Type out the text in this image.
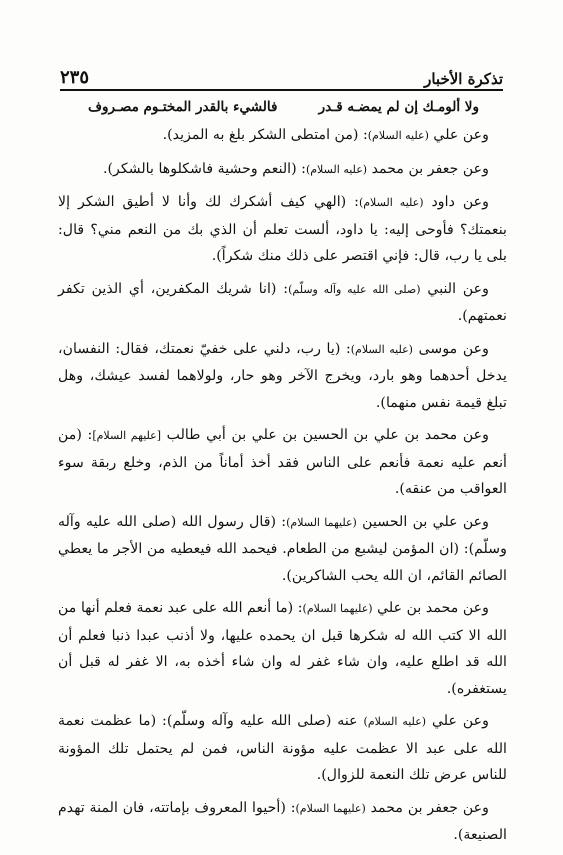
٢٣٥	تذكرة الأخبار
ولا ألومـك إن لم يمضـه قـدر
فالشيء بالقدر المختـوم مصـروف

وعن علي (عليه السلام): (من امتطى الشكر بلغ به المزيد).

وعن جعفر بن محمد (عليه السلام): (النعم وحشية فاشكلوها بالشكر).

وعن داود (عليه السلام): (الهي كيف أشكرك لك وأنا لا أطيق الشكر إلا بنعمتك؟ فأوحى إليه: يا داود، ألست تعلم أن الذي بك من النعم مني؟ قال: بلى يا رب، قال: فإني اقتصر على ذلك منك شكراً).

وعن النبي (صلى الله عليه وآله وسلّم): (انا شريك المكفرين، أي الذين تكفر نعمتهم).

وعن موسى (عليه السلام): (يا رب، دلني على خفيّ نعمتك، فقال: النفسان، يدخل أحدهما وهو بارد، ويخرج الآخر وهو حار، ولولاهما لفسد عيشك، وهل تبلغ قيمة نفس منهما).

وعن محمد بن علي بن الحسين بن علي بن أبي طالب [عليهم السلام]: (من أنعم عليه نعمة فأنعم على الناس فقد أخذ أماناً من الذم، وخلع ربقة سوء العواقب من عنقه).

وعن علي بن الحسين (عليهما السلام): (قال رسول الله (صلى الله عليه وآله وسلّم): (ان المؤمن ليشبع من الطعام. فيحمد الله فيعطيه من الأجر ما يعطي الصائم القائم، ان الله يحب الشاكرين).

وعن محمد بن علي (عليهما السلام): (ما أنعم الله على عبد نعمة فعلم أنها من الله الا كتب الله له شكرها قبل ان يحمده عليها، ولا أذنب عبدا ذنبا فعلم أن الله قد اطلع عليه، وان شاء غفر له وان شاء أخذه به، الا غفر له قبل أن يستغفره).

وعن علي (عليه السلام) عنه (صلى الله عليه وآله وسلّم): (ما عظمت نعمة الله على عبد الا عظمت عليه مؤونة الناس، فمن لم يحتمل تلك المؤونة للناس عرض تلك النعمة للزوال).

وعن جعفر بن محمد (عليهما السلام): (أحيوا المعروف بإماتته، فان المنة تهدم الصنيعة).
